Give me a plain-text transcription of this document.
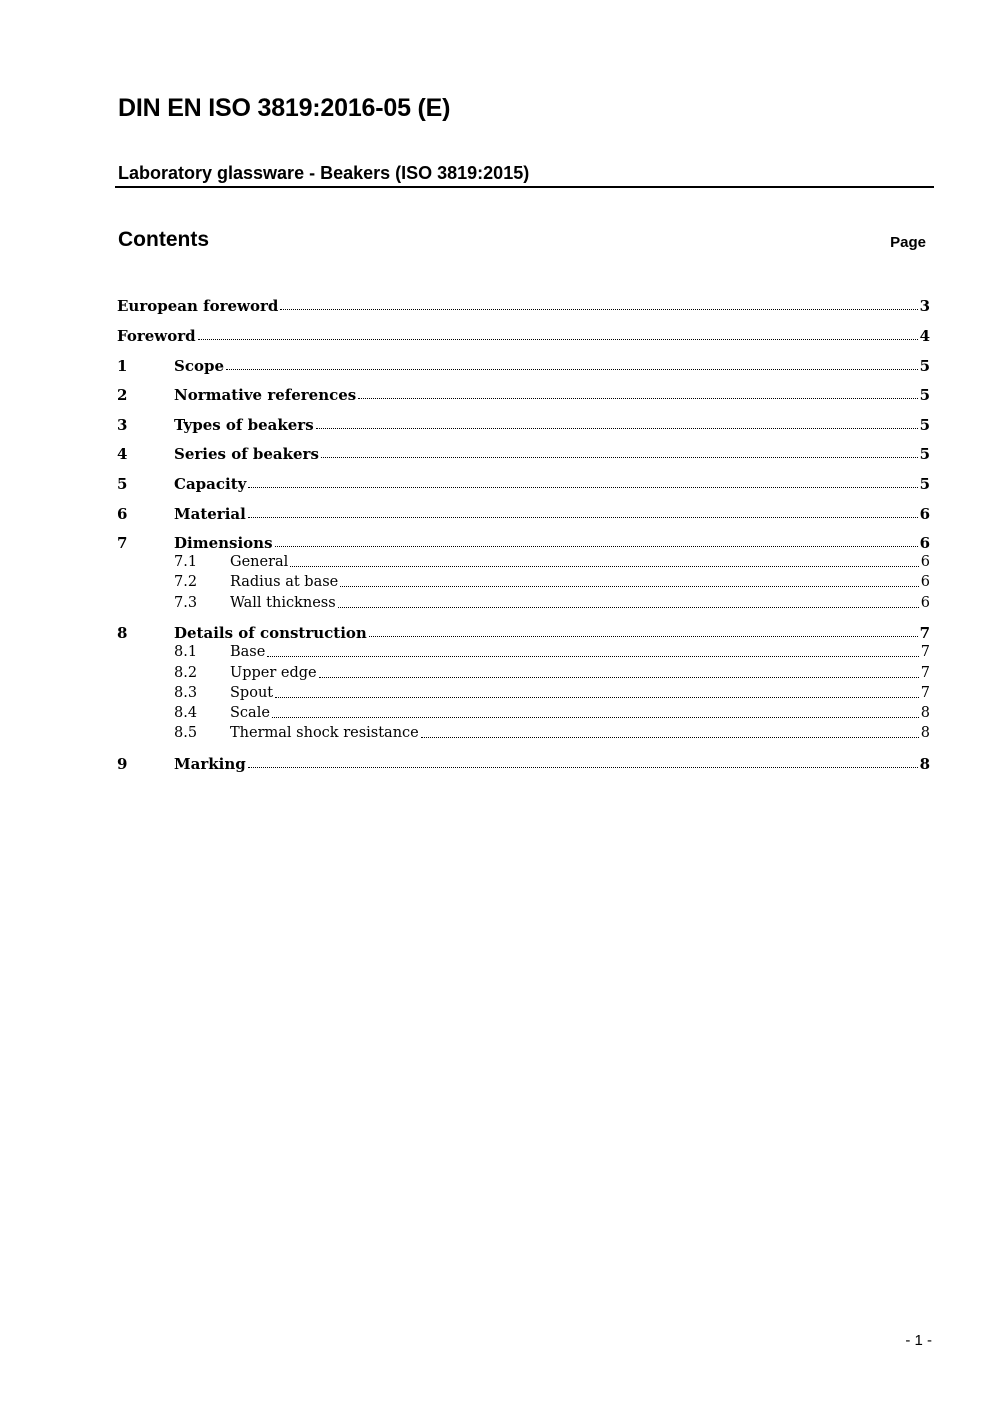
DIN EN ISO 3819:2016-05 (E)
Laboratory glassware - Beakers (ISO 3819:2015)
Contents	Page
European foreword	3
Foreword	4
1	Scope	5
2	Normative references	5
3	Types of beakers	5
4	Series of beakers	5
5	Capacity	5
6	Material	6
7	Dimensions	6
7.1	General	6
7.2	Radius at base	6
7.3	Wall thickness	6
8	Details of construction	7
8.1	Base	7
8.2	Upper edge	7
8.3	Spout	7
8.4	Scale	8
8.5	Thermal shock resistance	8
9	Marking	8
- 1 -
